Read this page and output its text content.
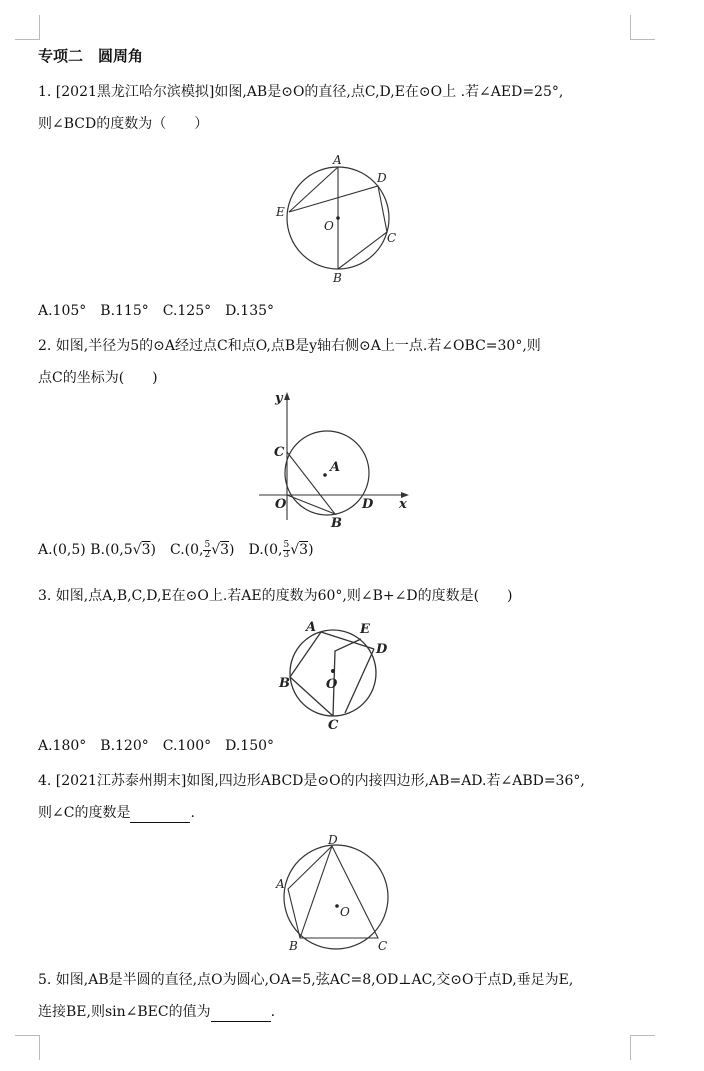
专项二　圆周角
1. [2021黑龙江哈尔滨模拟]如图,AB是⊙O的直径,点C,D,E在⊙O上 .若∠AED=25°,
则∠BCD的度数为（　　）
A
D
E
O
C
B
A.105°　B.115°　C.125°　D.135°
2. 如图,半径为5的⊙A经过点C和点O,点B是y轴右侧⊙A上一点.若∠OBC=30°,则
点C的坐标为(　　)
y
x
C
A
O	D
B
A.(0,5) B.(0,5√3)　C.(0, $\frac{5}{2} √3$)　D.(0, $\frac{5}{3} √3$)
3. 如图,点A,B,C,D,E在⊙O上.若AE的度数为60°,则∠B+∠D的度数是(　　)
A	E
D
B	O
C
A.180°　B.120°　C.100°　D.150°
4. [2021江苏泰州期末]如图,四边形ABCD是⊙O的内接四边形,AB=AD.若∠ABD=36°,
则∠C的度数是	.
D
A
O
B	C
5. 如图,AB是半圆的直径,点O为圆心,OA=5,弦AC=8,OD⊥AC,交⊙O于点D,垂足为E,
连接BE,则sin∠BEC的值为	.
